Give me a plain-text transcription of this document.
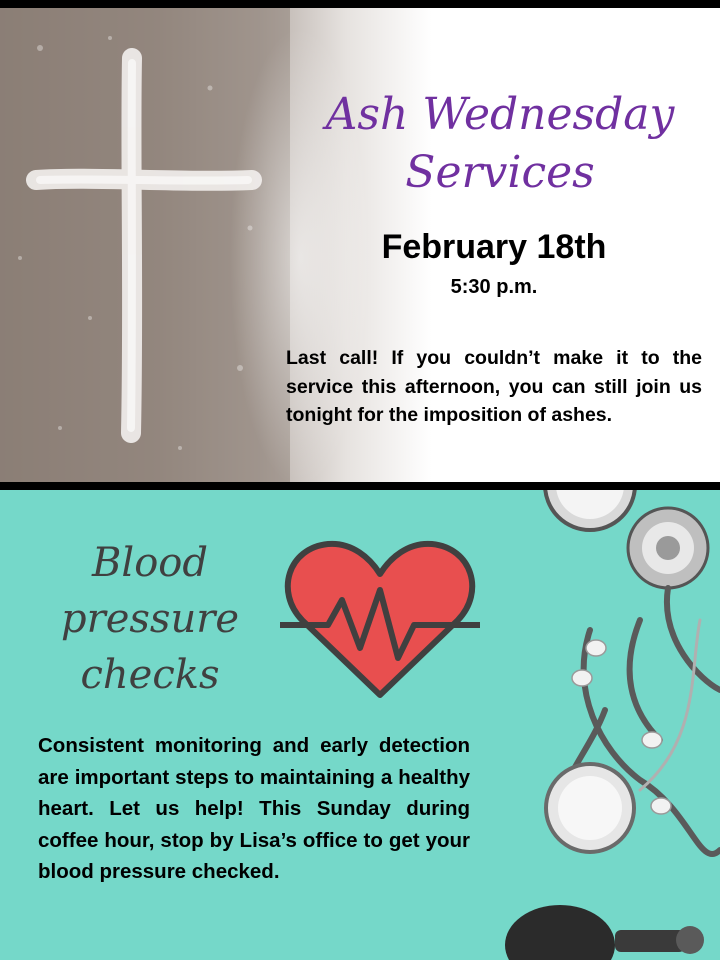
Ash Wednesday
Services
February 18th
5:30 p.m.
Last call! If you couldn’t make it to the service this afternoon, you can still join us tonight for the imposition of ashes.
Blood
pressure
checks
Consistent monitoring and early detection are important steps to maintaining a healthy heart. Let us help! This Sunday during coffee hour, stop by Lisa’s office to get your blood pressure checked.
